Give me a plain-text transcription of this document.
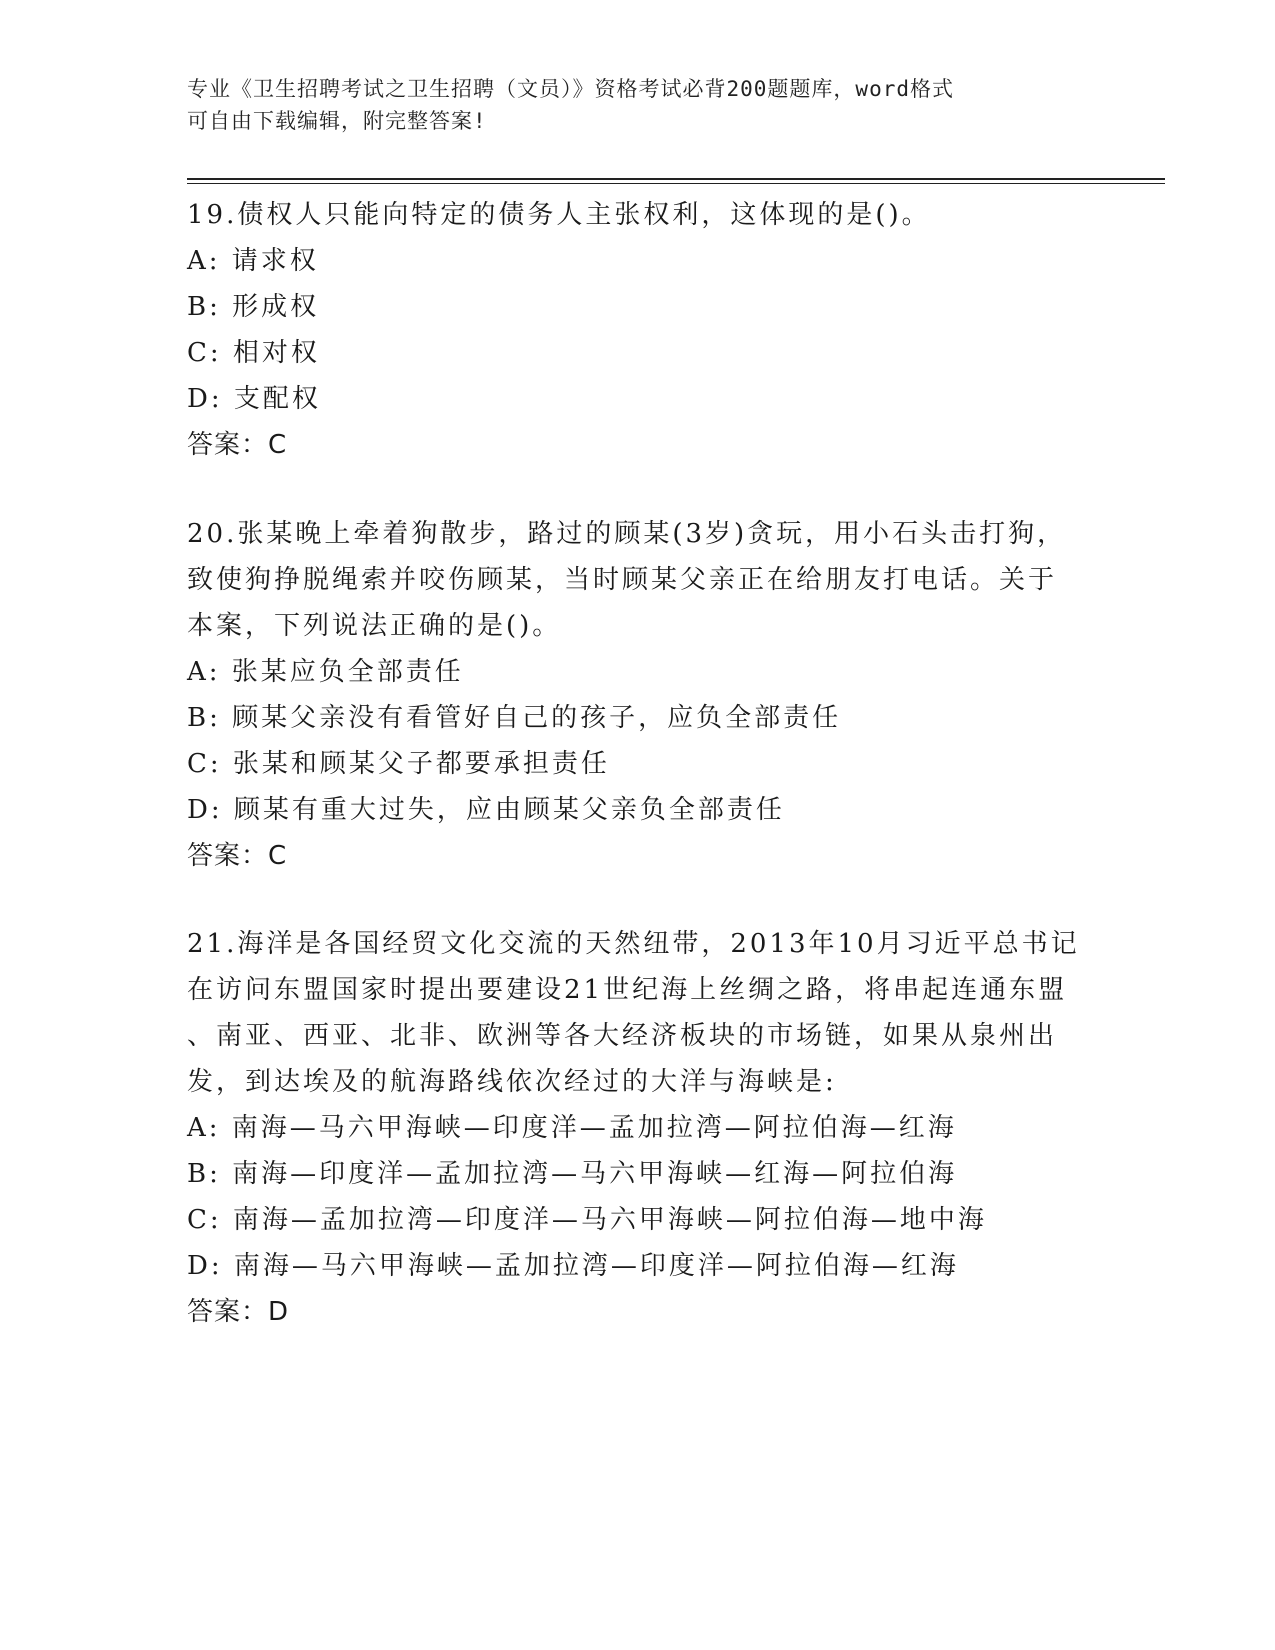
专业《卫生招聘考试之卫生招聘（文员）》资格考试必背200题题库，word格式
可自由下载编辑，附完整答案!
19.债权人只能向特定的债务人主张权利，这体现的是()。
A: 请求权
B: 形成权
C: 相对权
D: 支配权
答案：C
20.张某晚上牵着狗散步，路过的顾某(3岁)贪玩，用小石头击打狗，
致使狗挣脱绳索并咬伤顾某，当时顾某父亲正在给朋友打电话。关于
本案，下列说法正确的是()。
A: 张某应负全部责任
B: 顾某父亲没有看管好自己的孩子，应负全部责任
C: 张某和顾某父子都要承担责任
D: 顾某有重大过失，应由顾某父亲负全部责任
答案：C
21.海洋是各国经贸文化交流的天然纽带，2013年10月习近平总书记
在访问东盟国家时提出要建设21世纪海上丝绸之路，将串起连通东盟
、南亚、西亚、北非、欧洲等各大经济板块的市场链，如果从泉州出
发，到达埃及的航海路线依次经过的大洋与海峡是:
A: 南海—马六甲海峡—印度洋—孟加拉湾—阿拉伯海—红海
B: 南海—印度洋—孟加拉湾—马六甲海峡—红海—阿拉伯海
C: 南海—孟加拉湾—印度洋—马六甲海峡—阿拉伯海—地中海
D: 南海—马六甲海峡—孟加拉湾—印度洋—阿拉伯海—红海
答案：D
